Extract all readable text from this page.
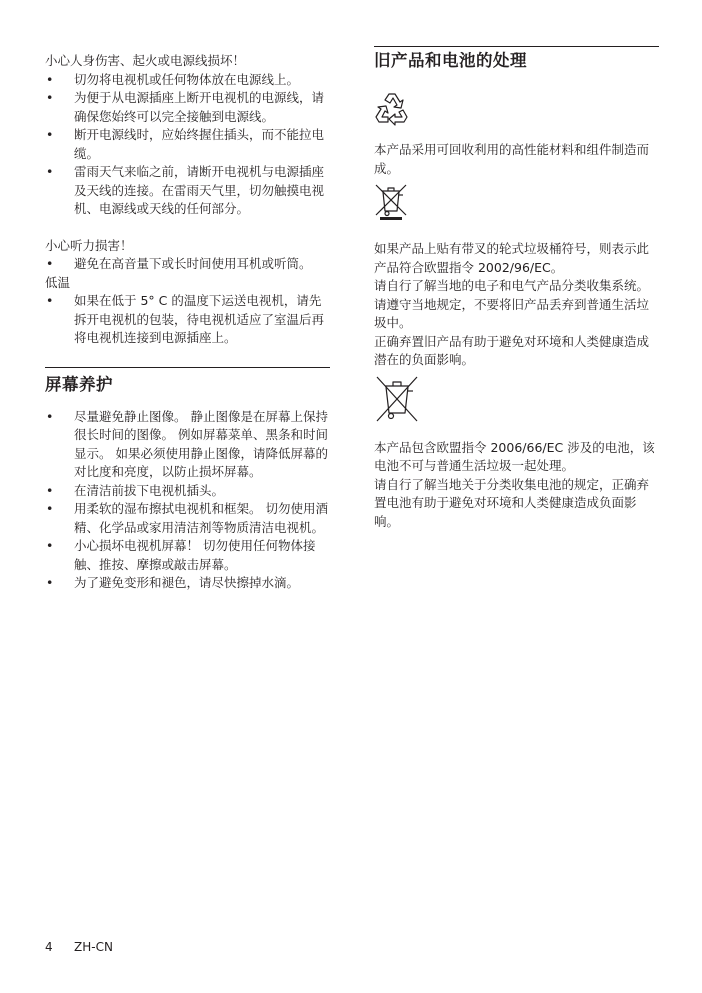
小心人身伤害、起火或电源线损坏！

• 切勿将电视机或任何物体放在电源线上。
• 为便于从电源插座上断开电视机的电源线，请确保您始终可以完全接触到电源线。
• 断开电源线时，应始终握住插头，而不能拉电缆。
• 雷雨天气来临之前，请断开电视机与电源插座及天线的连接。在雷雨天气里，切勿触摸电视机、电源线或天线的任何部分。

小心听力损害！

• 避免在高音量下或长时间使用耳机或听筒。

低温

• 如果在低于 5° C 的温度下运送电视机，请先拆开电视机的包装，待电视机适应了室温后再将电视机连接到电源插座上。
屏幕养护
• 尽量避免静止图像。 静止图像是在屏幕上保持很长时间的图像。 例如屏幕菜单、黑条和时间显示。 如果必须使用静止图像，请降低屏幕的对比度和亮度，以防止损坏屏幕。
• 在清洁前拔下电视机插头。
• 用柔软的湿布擦拭电视机和框架。 切勿使用酒精、化学品或家用清洁剂等物质清洁电视机。
• 小心损坏电视机屏幕！ 切勿使用任何物体接触、推按、摩擦或敲击屏幕。
• 为了避免变形和褪色，请尽快擦掉水滴。
旧产品和电池的处理

本产品采用可回收利用的高性能材料和组件制造而成。

如果产品上贴有带叉的轮式垃圾桶符号，则表示此产品符合欧盟指令 2002/96/EC。

请自行了解当地的电子和电气产品分类收集系统。

请遵守当地规定，不要将旧产品丢弃到普通生活垃圾中。

正确弃置旧产品有助于避免对环境和人类健康造成潜在的负面影响。

本产品包含欧盟指令 2006/66/EC 涉及的电池，该电池不可与普通生活垃圾一起处理。

请自行了解当地关于分类收集电池的规定，正确弃置电池有助于避免对环境和人类健康造成负面影响。

4 ZH-CN
